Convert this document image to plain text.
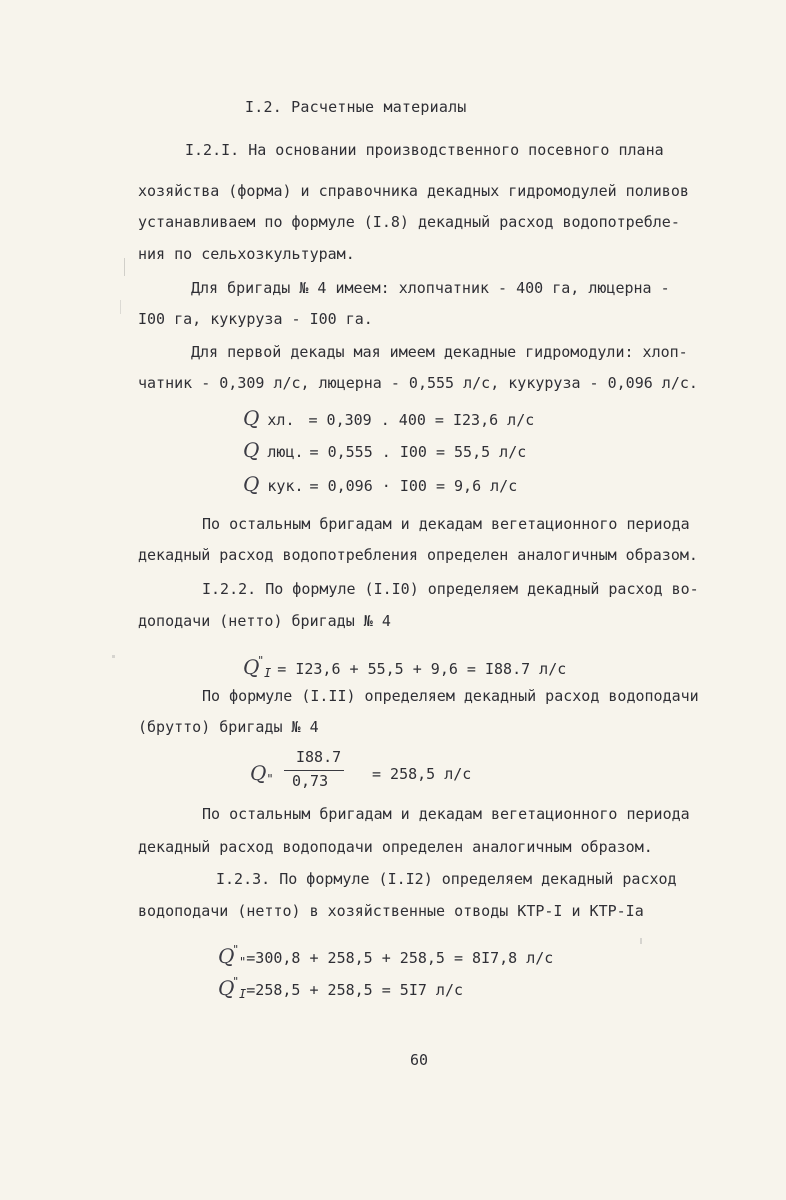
I.2. Расчетные материалы
I.2.I. На основании производственного посевного плана
хозяйства (форма) и справочника декадных гидромодулей поливов
устанавливаем по формуле (I.8) декадный расход водопотребле-
ния по сельхозкультурам.
Для бригады № 4 имеем: хлопчатник - 400 га, люцерна -
I00 га, кукуруза - I00 га.
Для первой декады мая имеем декадные гидромодули: хлоп-
чатник - 0,309 л/с, люцерна - 0,555 л/с, кукуруза - 0,096 л/с.
Q хл. = 0,309 . 400 = I23,6 л/с
Q люц. = 0,555 . I00 = 55,5 л/с
Q кук. = 0,096 · I00 = 9,6 л/с
По остальным бригадам и декадам вегетационного периода
декадный расход водопотребления определен аналогичным образом.
I.2.2. По формуле (I.I0) определяем декадный расход во-
доподачи (нетто) бригады № 4
$Q^"_I = I23,6 + 55,5 + 9,6 = I88.7$ л/с
По формуле (I.II) определяем декадный расход водоподачи
(брутто) бригады № 4
$Q_"$
I88.7
0,73	= 258,5 л/с
По остальным бригадам и декадам вегетационного периода
декадный расход водоподачи определен аналогичным образом.
I.2.3. По формуле (I.I2) определяем декадный расход
водоподачи (нетто) в хозяйственные отводы КТР-I и КТР-Iа
$Q^"_"=300,8 + 258,5 + 258,5 = 8I7,8$ л/с
$Q^"_I=258,5 + 258,5 = 5I7$ л/с
60
